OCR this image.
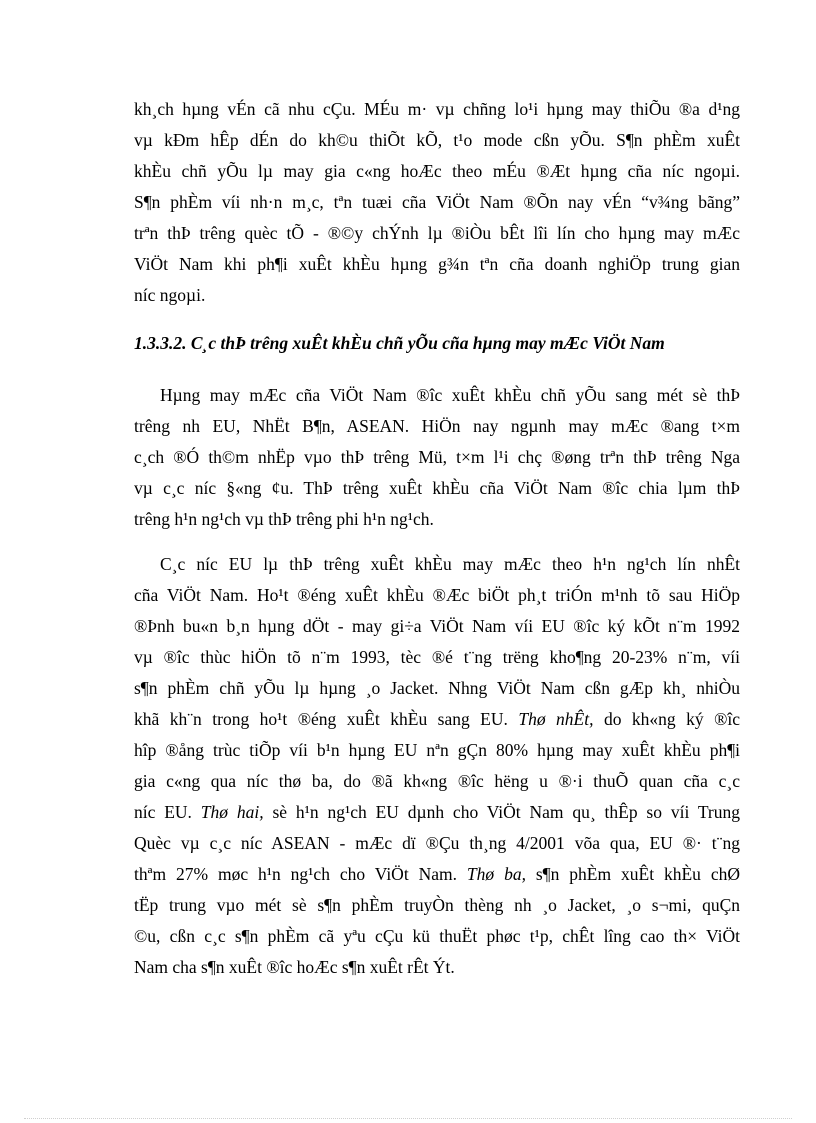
kh¸ch hµng vÉn cã nhu cÇu. MÉu m· vµ chñng lo¹i hµng may thiÕu ®a d¹ng
vµ kÐm hÊp dÉn do kh©u thiÕt kÕ, t¹o mode cßn yÕu. S¶n phÈm xuÊt
khÈu chñ yÕu lµ may gia c«ng hoÆc theo mÉu ®Æt hµng cña níc ngoµi.
S¶n phÈm víi nh·n m¸c, tªn tuæi cña ViÖt Nam ®Õn nay vÉn “v¾ng bãng”
trªn thÞ trêng quèc tÕ - ®©y chÝnh lµ ®iÒu bÊt lîi lín cho hµng may mÆc
ViÖt Nam khi ph¶i xuÊt khÈu hµng g¾n tªn cña doanh nghiÖp trung gian
níc ngoµi.
1.3.3.2. C¸c thÞ trêng xuÊt khÈu chñ yÕu cña hµng may mÆc ViÖt Nam
Hµng may mÆc cña ViÖt Nam ®îc xuÊt khÈu chñ yÕu sang mét sè thÞ
trêng nh EU, NhËt B¶n, ASEAN. HiÖn nay ngµnh may mÆc ®ang t×m
c¸ch ®Ó th©m nhËp vµo thÞ trêng Mü, t×m l¹i chç ®øng trªn thÞ trêng Nga
vµ c¸c níc §«ng ¢u. ThÞ trêng xuÊt khÈu cña ViÖt Nam ®îc chia lµm thÞ
trêng h¹n ng¹ch vµ thÞ trêng phi h¹n ng¹ch.
C¸c níc EU lµ thÞ trêng xuÊt khÈu may mÆc theo h¹n ng¹ch lín nhÊt
cña ViÖt Nam. Ho¹t ®éng xuÊt khÈu ®Æc biÖt ph¸t triÓn m¹nh tõ sau HiÖp
®Þnh bu«n b¸n hµng dÖt - may gi÷a ViÖt Nam víi EU ®îc ký kÕt n¨m 1992
vµ ®îc thùc hiÖn tõ n¨m 1993, tèc ®é t¨ng trëng kho¶ng 20-23% n¨m, víi
s¶n phÈm chñ yÕu lµ hµng ¸o Jacket. Nhng ViÖt Nam cßn gÆp kh¸ nhiÒu
khã kh¨n trong ho¹t ®éng xuÊt khÈu sang EU. Thø nhÊt, do kh«ng ký ®îc
hîp ®ång trùc tiÕp víi b¹n hµng EU nªn gÇn 80% hµng may xuÊt khÈu ph¶i
gia c«ng qua níc thø ba, do ®ã kh«ng ®îc hëng u ®·i thuÕ quan cña c¸c
níc EU. Thø hai, sè h¹n ng¹ch EU dµnh cho ViÖt Nam qu¸ thÊp so víi Trung
Quèc vµ c¸c níc ASEAN - mÆc dï ®Çu th¸ng 4/2001 võa qua, EU ®· t¨ng
thªm 27% møc h¹n ng¹ch cho ViÖt Nam. Thø ba, s¶n phÈm xuÊt khÈu chØ
tËp trung vµo mét sè s¶n phÈm truyÒn thèng nh ¸o Jacket, ¸o s¬mi, quÇn
©u, cßn c¸c s¶n phÈm cã yªu cÇu kü thuËt phøc t¹p, chÊt lîng cao th× ViÖt
Nam cha s¶n xuÊt ®îc hoÆc s¶n xuÊt rÊt Ýt.
